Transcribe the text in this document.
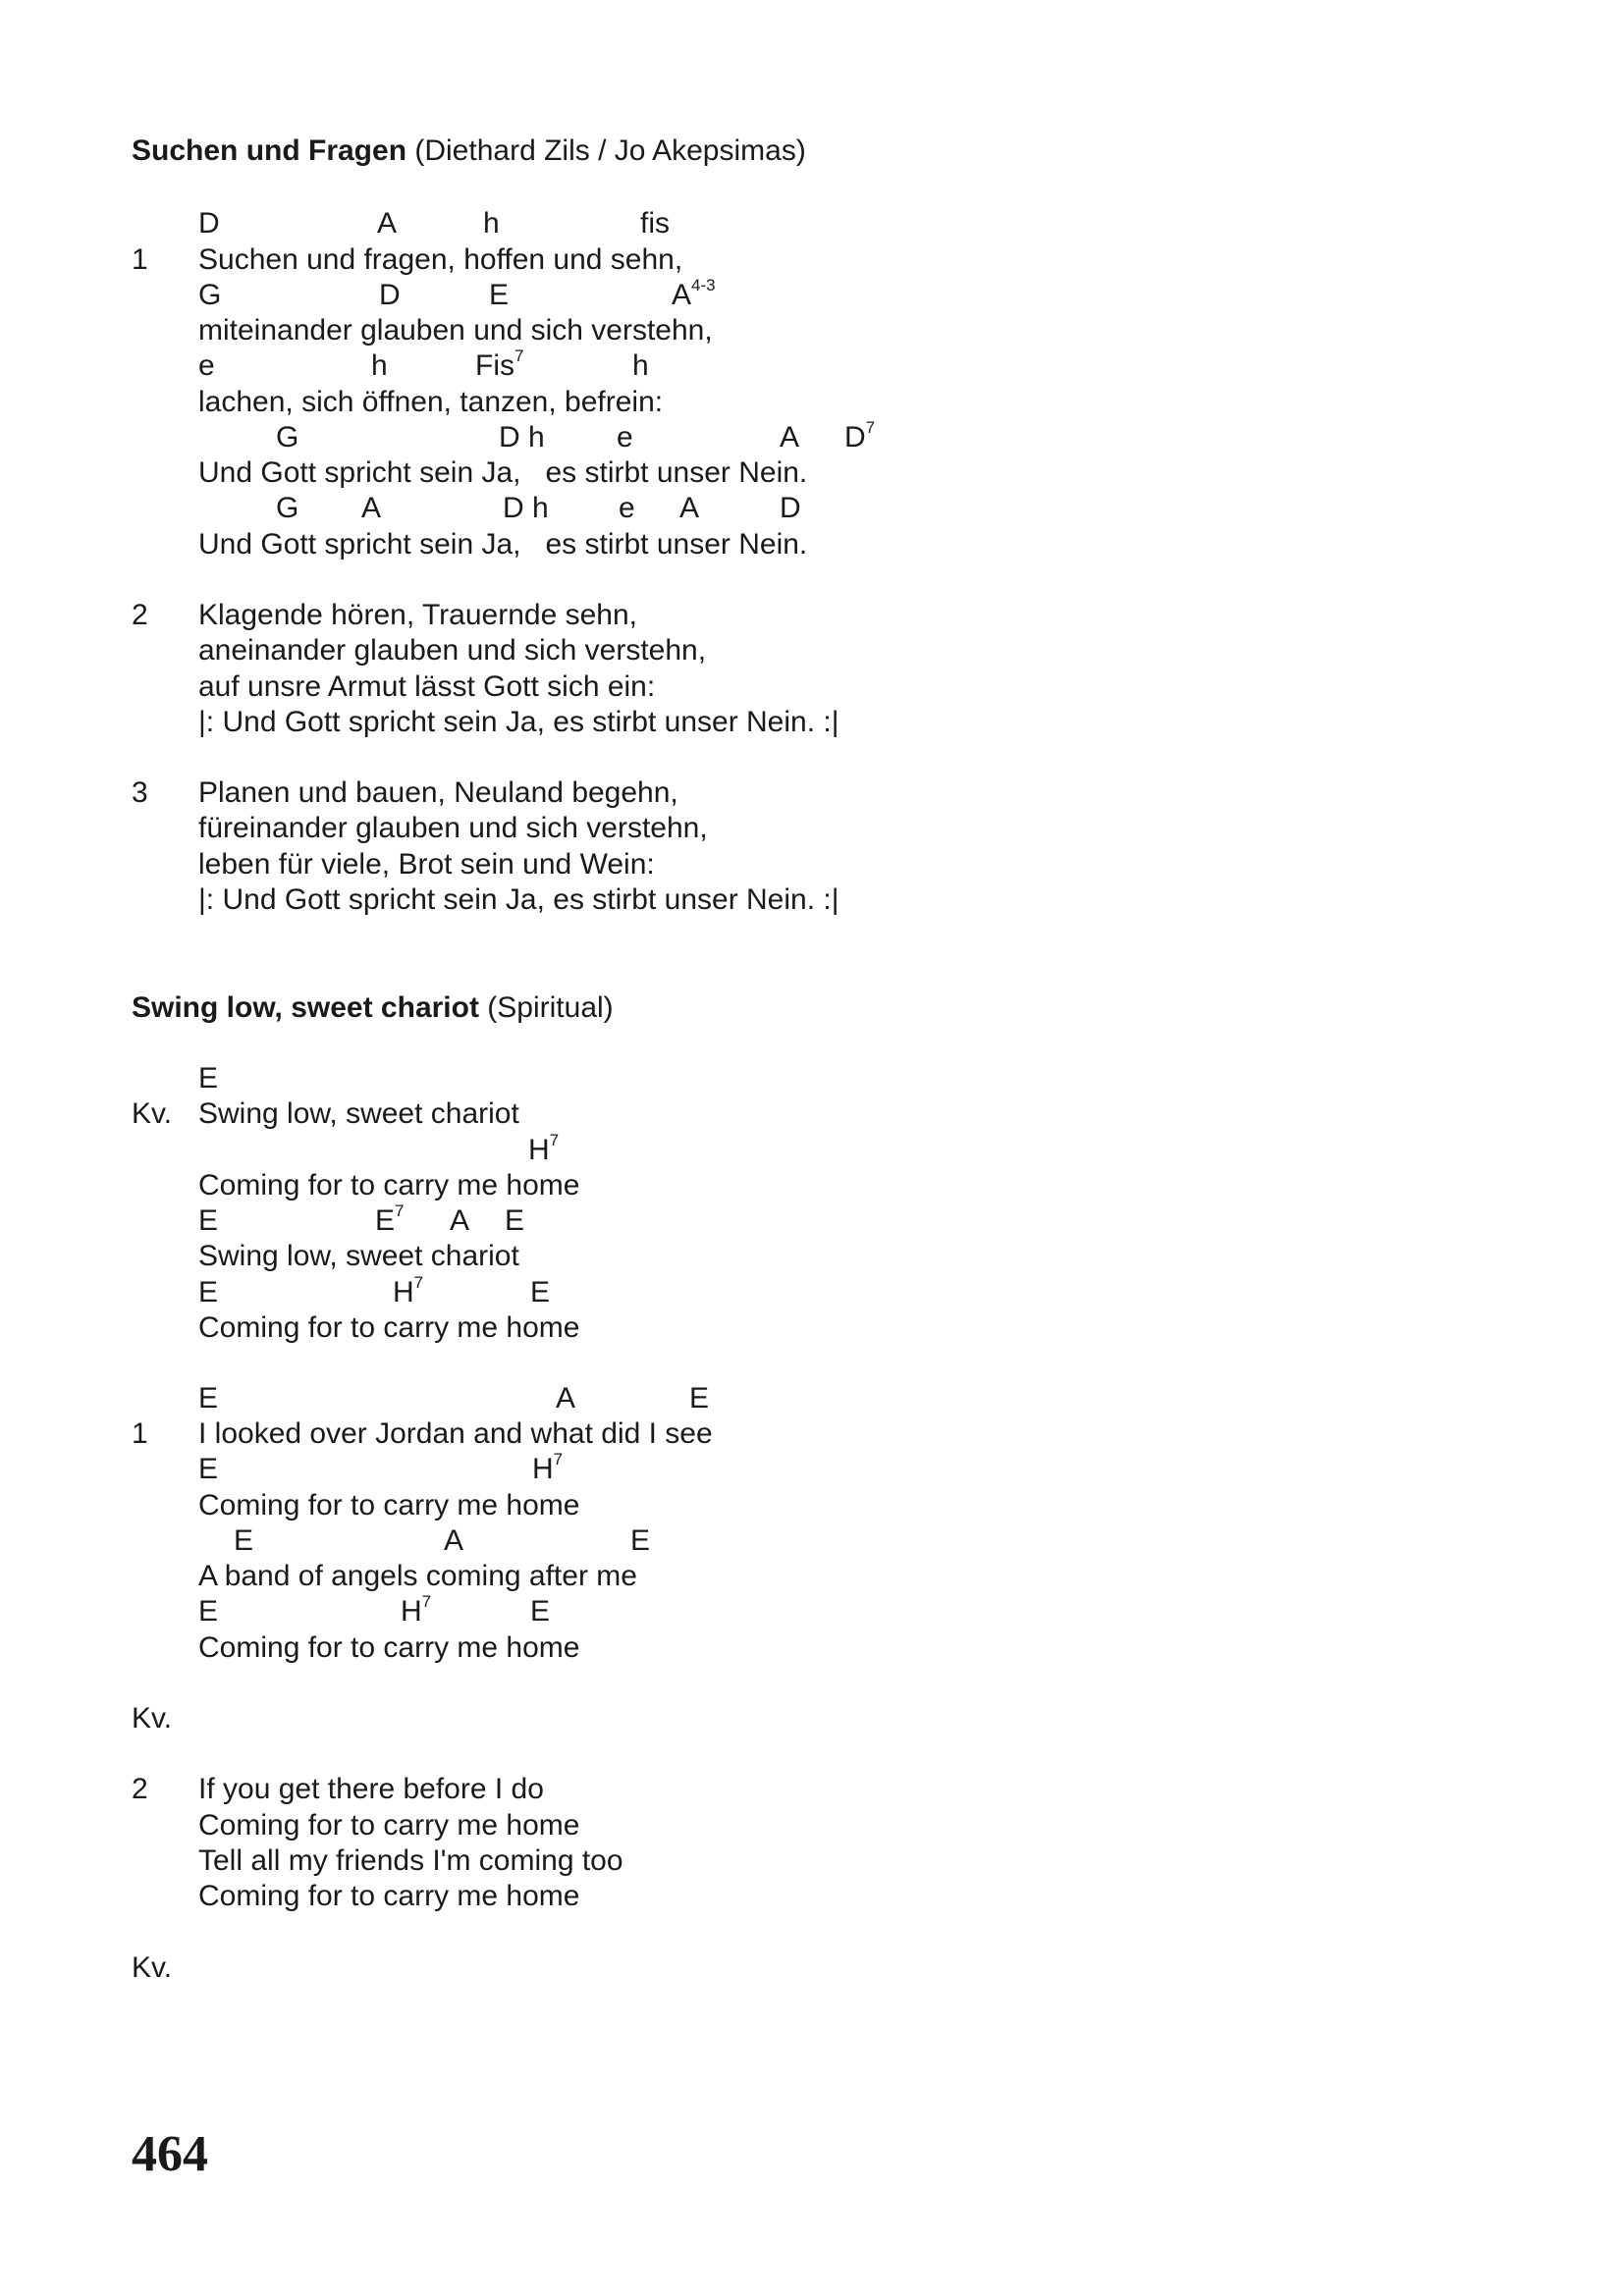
Suchen und Fragen (Diethard Zils / Jo Akepsimas)
1
D	A	h	fis
Suchen und fragen, hoffen und sehn,
G	D	E	$A^{4-3}$
miteinander glauben und sich verstehn,
e	h	Fis$^7$	h
lachen, sich öffnen, tanzen, befrein:
G	D h e	A $D^7$
Und Gott spricht sein Ja,   es stirbt unser Nein.
G A	D h e A	D
Und Gott spricht sein Ja,   es stirbt unser Nein.
2 Klagende hören, Trauernde sehn,
aneinander glauben und sich verstehn,
auf unsre Armut lässt Gott sich ein:
|: Und Gott spricht sein Ja, es stirbt unser Nein. :|
3 Planen und bauen, Neuland begehn,
füreinander glauben und sich verstehn,
leben für viele, Brot sein und Wein:
|: Und Gott spricht sein Ja, es stirbt unser Nein. :|
Swing low, sweet chariot (Spiritual)
Kv.
E
Swing low, sweet chariot
$H^7$
Coming for to carry me home
E	$E^7$ A E
Swing low, sweet chariot
E	$H^7$	E
Coming for to carry me home
1
E	A	E
I looked over Jordan and what did I see
E	$H^7$
Coming for to carry me home
E	A	E
A band of angels coming after me
E	$H^7$	E
Coming for to carry me home
Kv.
2 If you get there before I do
Coming for to carry me home
Tell all my friends I'm coming too
Coming for to carry me home
Kv.
464
